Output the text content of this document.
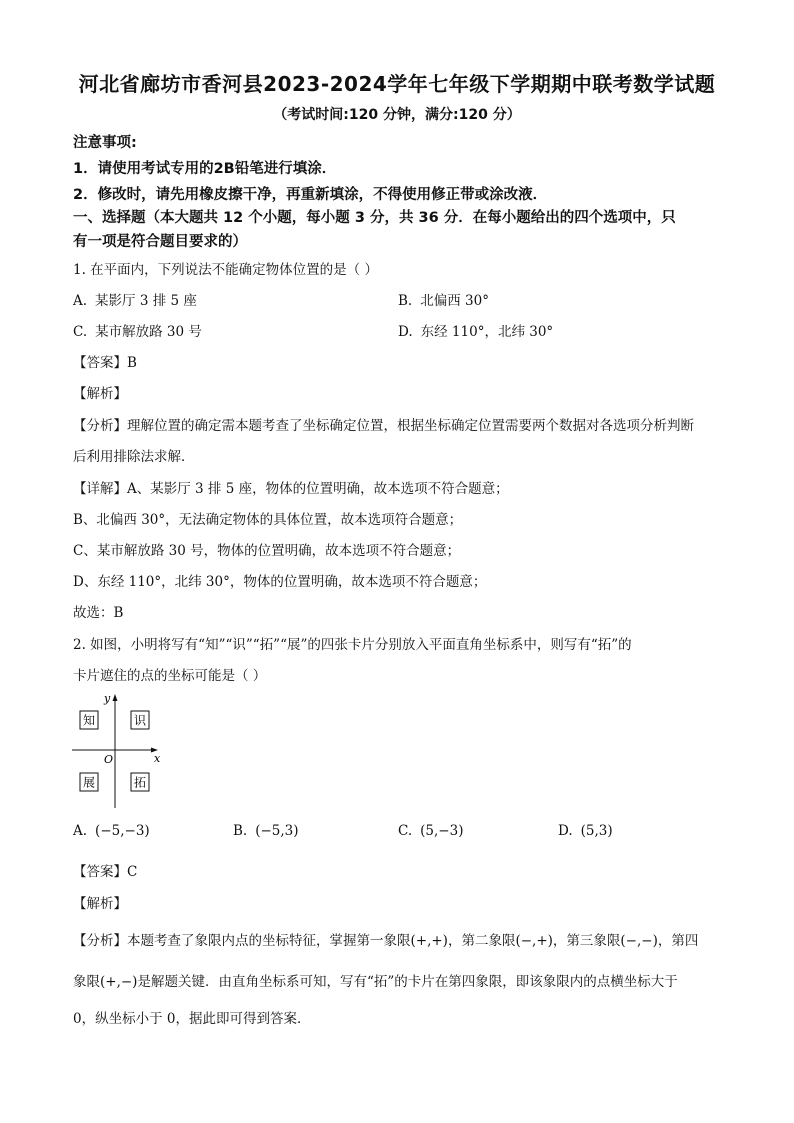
河北省廊坊市香河县2023-2024学年七年级下学期期中联考数学试题
（考试时间:120 分钟，满分:120 分）
注意事项:
1．请使用考试专用的2B铅笔进行填涂．
2．修改时，请先用橡皮擦干净，再重新填涂，不得使用修正带或涂改液．
一、选择题（本大题共 12 个小题，每小题 3 分，共 36 分．在每小题给出的四个选项中，只
有一项是符合题目要求的）
1. 在平面内，下列说法不能确定物体位置的是（ ）
A. 某影厅 3 排 5 座	B. 北偏西 30°
C. 某市解放路 30 号	D. 东经 110°，北纬 30°
【答案】B
【解析】
【分析】理解位置的确定需本题考查了坐标确定位置，根据坐标确定位置需要两个数据对各选项分析判断
后利用排除法求解．
【详解】A、某影厅 3 排 5 座，物体的位置明确，故本选项不符合题意；
B、北偏西 30°，无法确定物体的具体位置，故本选项符合题意；
C、某市解放路 30 号，物体的位置明确，故本选项不符合题意；
D、东经 110°，北纬 30°，物体的位置明确，故本选项不符合题意；
故选：B
2. 如图，小明将写有“知”“识”“拓”“展”的四张卡片分别放入平面直角坐标系中，则写有“拓”的
卡片遮住的点的坐标可能是（ ）
知	识
展	拓
y
x
O
A. (−5,−3)	B. (−5,3)	C. (5,−3)	D. (5,3)
【答案】C
【解析】
【分析】本题考查了象限内点的坐标特征，掌握第一象限(+,+)，第二象限(−,+)，第三象限(−,−)，第四
象限(+,−)是解题关键．由直角坐标系可知，写有“拓”的卡片在第四象限，即该象限内的点横坐标大于
0，纵坐标小于 0，据此即可得到答案．
